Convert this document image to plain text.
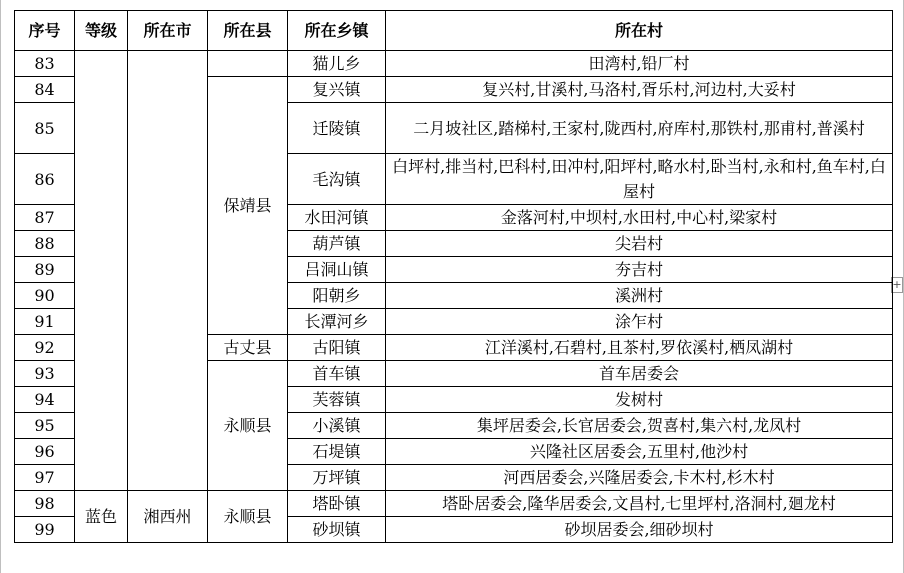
+
序号	等级	所在市	所在县	所在乡镇	所在村
83				猫儿乡	田湾村,铅厂村
84			保靖县	复兴镇	复兴村,甘溪村,马洛村,胥乐村,河边村,大妥村
85				迁陵镇	二月坡社区,踏梯村,王家村,陇西村,府库村,那铁村,那甫村,普溪村
86				毛沟镇	白坪村,排当村,巴科村,田冲村,阳坪村,略水村,卧当村,永和村,鱼车村,白屋村
87				水田河镇	金落河村,中坝村,水田村,中心村,梁家村
88				葫芦镇	尖岩村
89				吕洞山镇	夯吉村
90				阳朝乡	溪洲村
91				长潭河乡	涂乍村
92			古丈县	古阳镇	江洋溪村,石碧村,且茶村,罗依溪村,栖凤湖村
93			永顺县	首车镇	首车居委会
94				芙蓉镇	发树村
95				小溪镇	集坪居委会,长官居委会,贺喜村,集六村,龙凤村
96				石堤镇	兴隆社区居委会,五里村,他沙村
97				万坪镇	河西居委会,兴隆居委会,卡木村,杉木村
98	蓝色	湘西州	永顺县	塔卧镇	塔卧居委会,隆华居委会,文昌村,七里坪村,洛洞村,廻龙村
99				砂坝镇	砂坝居委会,细砂坝村
